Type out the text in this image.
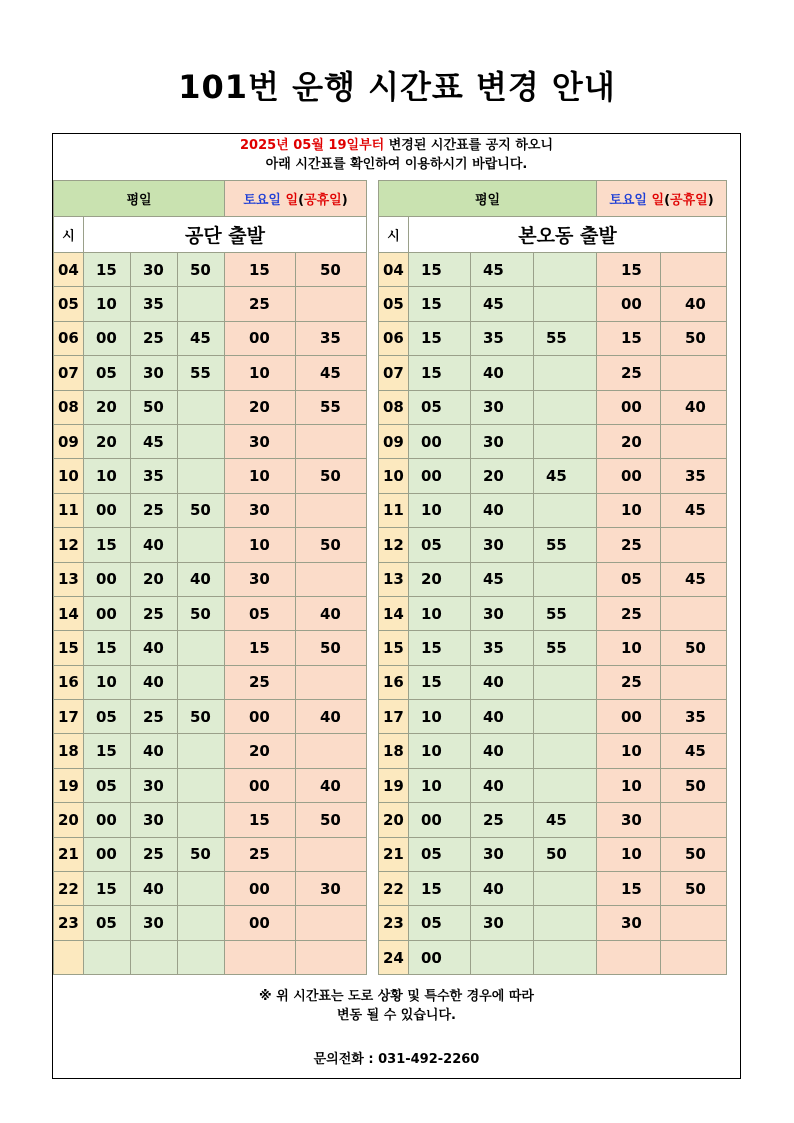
101번 운행 시간표 변경 안내
2025년 05월 19일부터 변경된 시간표를 공지 하오니
아래 시간표를 확인하여 이용하시기 바랍니다.
평일				토요일 일(공휴일)	
시	공단 출발				
04	15	30	50	15	50
05	10	35		25	
06	00	25	45	00	35
07	05	30	55	10	45
08	20	50		20	55
09	20	45		30	
10	10	35		10	50
11	00	25	50	30	
12	15	40		10	50
13	00	20	40	30	
14	00	25	50	05	40
15	15	40		15	50
16	10	40		25	
17	05	25	50	00	40
18	15	40		20	
19	05	30		00	40
20	00	30		15	50
21	00	25	50	25	
22	15	40		00	30
23	05	30		00	

평일				토요일 일(공휴일)	
시	본오동 출발				
04	15	45		15	
05	15	45		00	40
06	15	35	55	15	50
07	15	40		25	
08	05	30		00	40
09	00	30		20	
10	00	20	45	00	35
11	10	40		10	45
12	05	30	55	25	
13	20	45		05	45
14	10	30	55	25	
15	15	35	55	10	50
16	15	40		25	
17	10	40		00	35
18	10	40		10	45
19	10	40		10	50
20	00	25	45	30	
21	05	30	50	10	50
22	15	40		15	50
23	05	30		30	
24	00				
※ 위 시간표는 도로 상황 및 특수한 경우에 따라
변동 될 수 있습니다.
문의전화 : 031-492-2260
